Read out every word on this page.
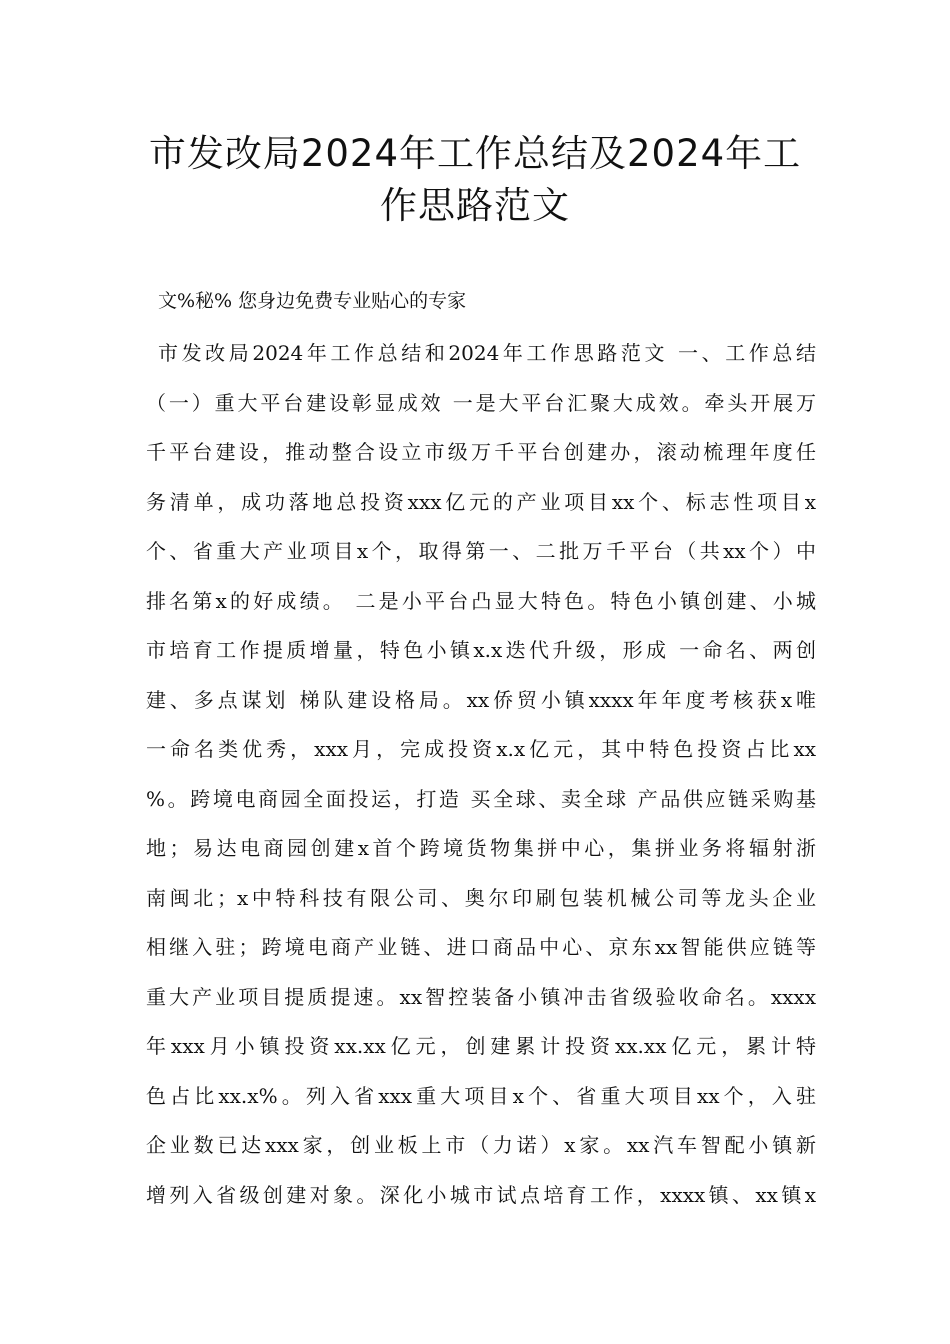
市发改局2024年工作总结及2024年工
作思路范文
文%秘% 您身边免费专业贴心的专家
市发改局2024年工作总结和2024年工作思路范文 一、工作总结
（一）重大平台建设彰显成效 一是大平台汇聚大成效。牵头开展万
千平台建设，推动整合设立市级万千平台创建办，滚动梳理年度任
务清单，成功落地总投资xxx亿元的产业项目xx个、标志性项目x
个、省重大产业项目x个，取得第一、二批万千平台（共xx个）中
排名第x的好成绩。 二是小平台凸显大特色。特色小镇创建、小城
市培育工作提质增量，特色小镇x.x迭代升级，形成 一命名、两创
建、多点谋划 梯队建设格局。xx侨贸小镇xxxx年年度考核获x唯
一命名类优秀，xxx月，完成投资x.x亿元，其中特色投资占比xx
%。跨境电商园全面投运，打造 买全球、卖全球 产品供应链采购基
地；易达电商园创建x首个跨境货物集拼中心，集拼业务将辐射浙
南闽北；x中特科技有限公司、奥尔印刷包装机械公司等龙头企业
相继入驻；跨境电商产业链、进口商品中心、京东xx智能供应链等
重大产业项目提质提速。xx智控装备小镇冲击省级验收命名。xxxx
年xxx月小镇投资xx.xx亿元，创建累计投资xx.xx亿元，累计特
色占比xx.x%。列入省xxx重大项目x个、省重大项目xx个，入驻
企业数已达xxx家，创业板上市（力诺）x家。xx汽车智配小镇新
增列入省级创建对象。深化小城市试点培育工作，xxxx镇、xx镇x
